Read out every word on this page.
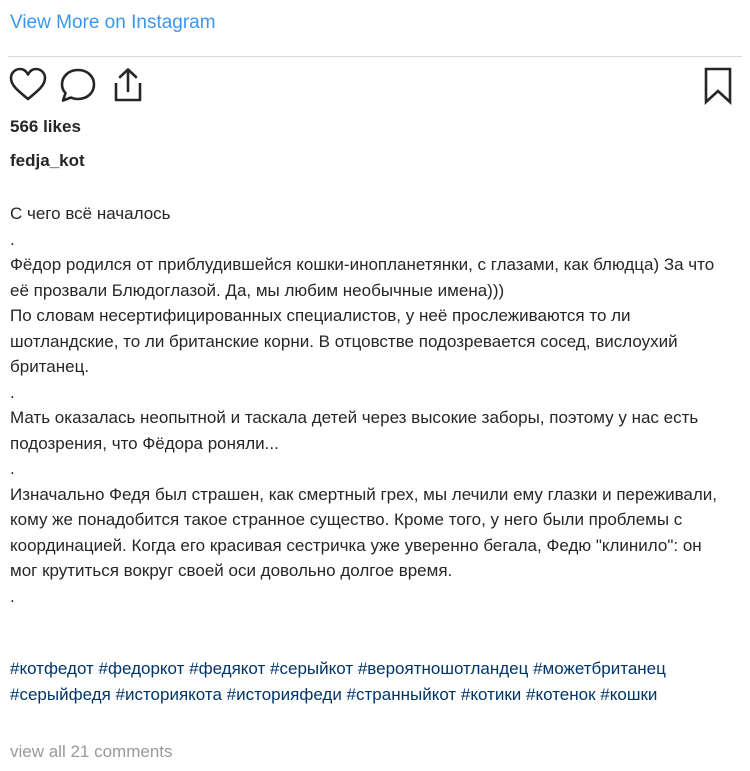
View More on Instagram
566 likes
fedja_kot

С чего всё началось

.

Фёдор родился от приблудившейся кошки-инопланетянки, с глазами, как блюдца) За что её прозвали Блюдоглазой. Да, мы любим необычные имена)))

По словам несертифицированных специалистов, у неё прослеживаются то ли шотландские, то ли британские корни. В отцовстве подозревается сосед, вислоухий британец.

.

Мать оказалась неопытной и таскала детей через высокие заборы, поэтому у нас есть подозрения, что Фёдора роняли...

.

Изначально Федя был страшен, как смертный грех, мы лечили ему глазки и переживали, кому же понадобится такое странное существо. Кроме того, у него были проблемы с координацией. Когда его красивая сестричка уже уверенно бегала, Федю "клинило": он мог крутиться вокруг своей оси довольно долгое время.

.

#котфедот #федоркот #федякот #серыйкот #вероятношотландец #можетбританец #серыйфедя #историякота #историяфеди #странныйкот #котики #котенок #кошки
view all 21 comments
